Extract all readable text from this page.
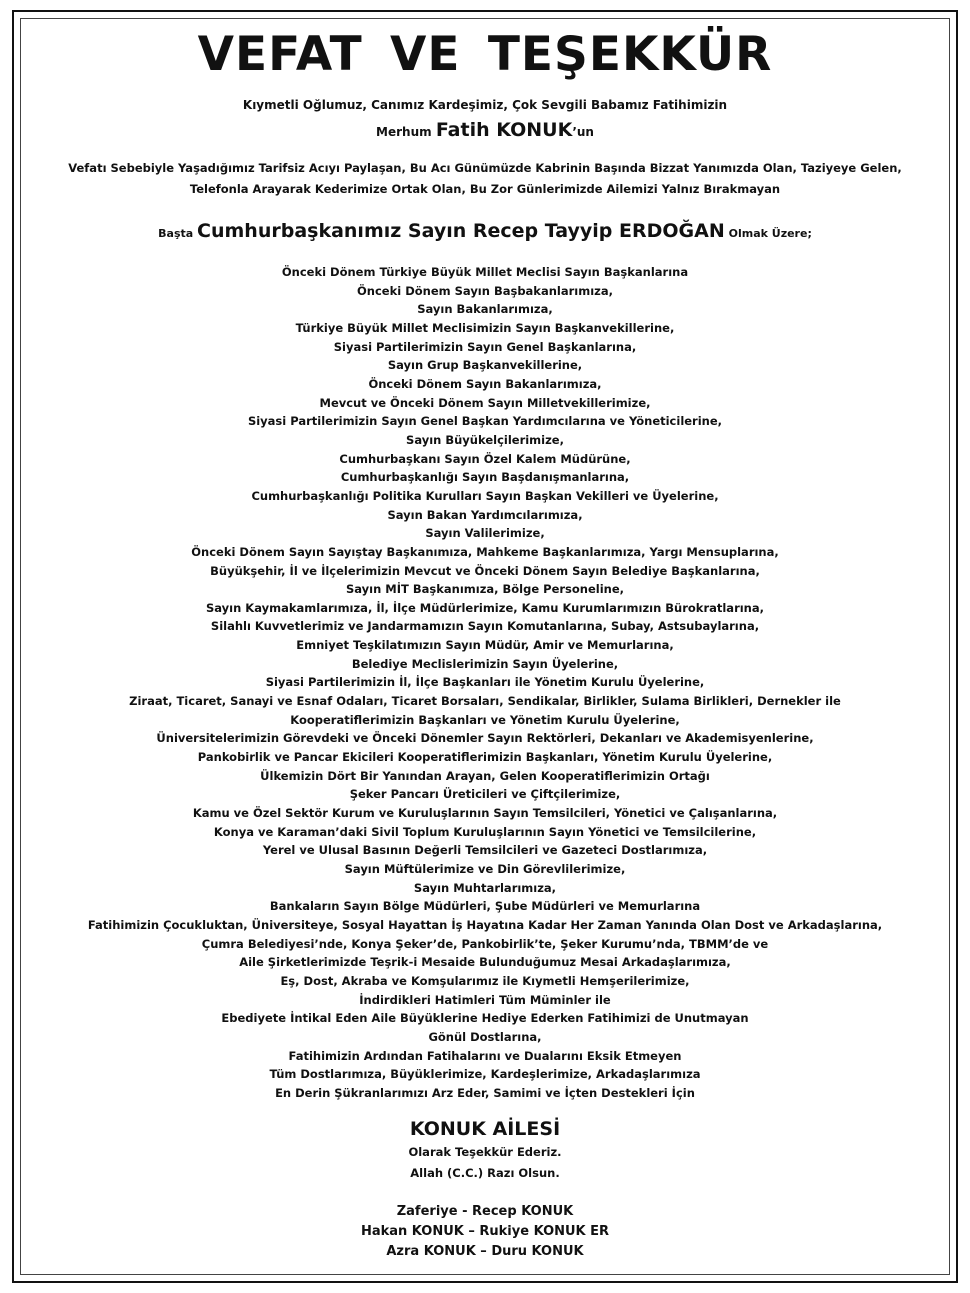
VEFAT VE TEŞEKKÜR
Kıymetli Oğlumuz, Canımız Kardeşimiz, Çok Sevgili Babamız Fatihimizin
Merhum Fatih KONUK’un
Vefatı Sebebiyle Yaşadığımız Tarifsiz Acıyı Paylaşan, Bu Acı Günümüzde Kabrinin Başında Bizzat Yanımızda Olan, Taziyeye Gelen,
Telefonla Arayarak Kederimize Ortak Olan, Bu Zor Günlerimizde Ailemizi Yalnız Bırakmayan
Başta Cumhurbaşkanımız Sayın Recep Tayyip ERDOĞAN Olmak Üzere;
Önceki Dönem Türkiye Büyük Millet Meclisi Sayın Başkanlarına
Önceki Dönem Sayın Başbakanlarımıza,
Sayın Bakanlarımıza,
Türkiye Büyük Millet Meclisimizin Sayın Başkanvekillerine,
Siyasi Partilerimizin Sayın Genel Başkanlarına,
Sayın Grup Başkanvekillerine,
Önceki Dönem Sayın Bakanlarımıza,
Mevcut ve Önceki Dönem Sayın Milletvekillerimize,
Siyasi Partilerimizin Sayın Genel Başkan Yardımcılarına ve Yöneticilerine,
Sayın Büyükelçilerimize,
Cumhurbaşkanı Sayın Özel Kalem Müdürüne,
Cumhurbaşkanlığı Sayın Başdanışmanlarına,
Cumhurbaşkanlığı Politika Kurulları Sayın Başkan Vekilleri ve Üyelerine,
Sayın Bakan Yardımcılarımıza,
Sayın Valilerimize,
Önceki Dönem Sayın Sayıştay Başkanımıza, Mahkeme Başkanlarımıza, Yargı Mensuplarına,
Büyükşehir, İl ve İlçelerimizin Mevcut ve Önceki Dönem Sayın Belediye Başkanlarına,
Sayın MİT Başkanımıza, Bölge Personeline,
Sayın Kaymakamlarımıza, İl, İlçe Müdürlerimize, Kamu Kurumlarımızın Bürokratlarına,
Silahlı Kuvvetlerimiz ve Jandarmamızın Sayın Komutanlarına, Subay, Astsubaylarına,
Emniyet Teşkilatımızın Sayın Müdür, Amir ve Memurlarına,
Belediye Meclislerimizin Sayın Üyelerine,
Siyasi Partilerimizin İl, İlçe Başkanları ile Yönetim Kurulu Üyelerine,
Ziraat, Ticaret, Sanayi ve Esnaf Odaları, Ticaret Borsaları, Sendikalar, Birlikler, Sulama Birlikleri, Dernekler ile
Kooperatiflerimizin Başkanları ve Yönetim Kurulu Üyelerine,
Üniversitelerimizin Görevdeki ve Önceki Dönemler Sayın Rektörleri, Dekanları ve Akademisyenlerine,
Pankobirlik ve Pancar Ekicileri Kooperatiflerimizin Başkanları, Yönetim Kurulu Üyelerine,
Ülkemizin Dört Bir Yanından Arayan, Gelen Kooperatiflerimizin Ortağı
Şeker Pancarı Üreticileri ve Çiftçilerimize,
Kamu ve Özel Sektör Kurum ve Kuruluşlarının Sayın Temsilcileri, Yönetici ve Çalışanlarına,
Konya ve Karaman’daki Sivil Toplum Kuruluşlarının Sayın Yönetici ve Temsilcilerine,
Yerel ve Ulusal Basının Değerli Temsilcileri ve Gazeteci Dostlarımıza,
Sayın Müftülerimize ve Din Görevlilerimize,
Sayın Muhtarlarımıza,
Bankaların Sayın Bölge Müdürleri, Şube Müdürleri ve Memurlarına
Fatihimizin Çocukluktan, Üniversiteye, Sosyal Hayattan İş Hayatına Kadar Her Zaman Yanında Olan Dost ve Arkadaşlarına,
Çumra Belediyesi’nde, Konya Şeker’de, Pankobirlik’te, Şeker Kurumu’nda, TBMM’de ve
Aile Şirketlerimizde Teşrik-i Mesaide Bulunduğumuz Mesai Arkadaşlarımıza,
Eş, Dost, Akraba ve Komşularımız ile Kıymetli Hemşerilerimize,
İndirdikleri Hatimleri Tüm Müminler ile
Ebediyete İntikal Eden Aile Büyüklerine Hediye Ederken Fatihimizi de Unutmayan
Gönül Dostlarına,
Fatihimizin Ardından Fatihalarını ve Dualarını Eksik Etmeyen
Tüm Dostlarımıza, Büyüklerimize, Kardeşlerimize, Arkadaşlarımıza
En Derin Şükranlarımızı Arz Eder, Samimi ve İçten Destekleri İçin
KONUK AİLESİ
Olarak Teşekkür Ederiz.
Allah (C.C.) Razı Olsun.
Zaferiye - Recep KONUK
Hakan KONUK – Rukiye KONUK ER
Azra KONUK – Duru KONUK
